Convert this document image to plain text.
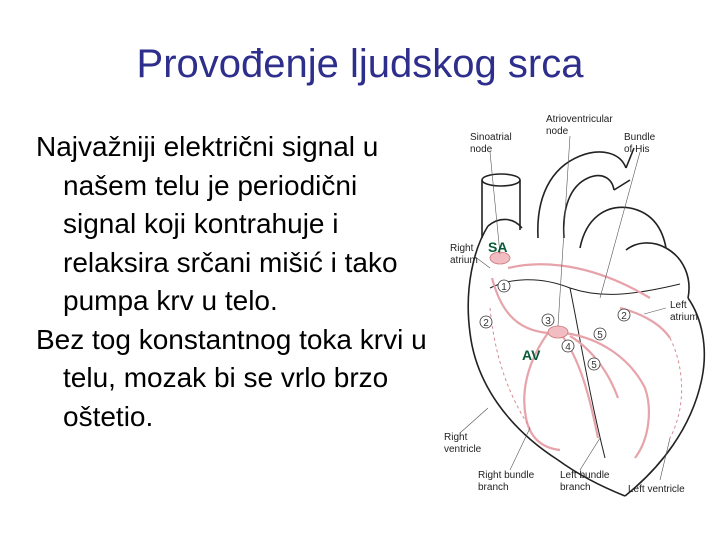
Provođenje ljudskog srca

Najvažniji električni signal u našem telu je periodični signal koji kontrahuje i relaksira srčani mišić i tako pumpa krv u telo.

Bez tog konstantnog toka krvi u telu, mozak bi se vrlo brzo oštetio.

1
2
2
3
4
5
5
Sinoatrial
node
Atrioventricular
node
Bundle
of His
Right
atrium
Left
atrium
Right
ventricle
Right bundle
branch
Left bundle
branch	Left ventricle
SA
AV
